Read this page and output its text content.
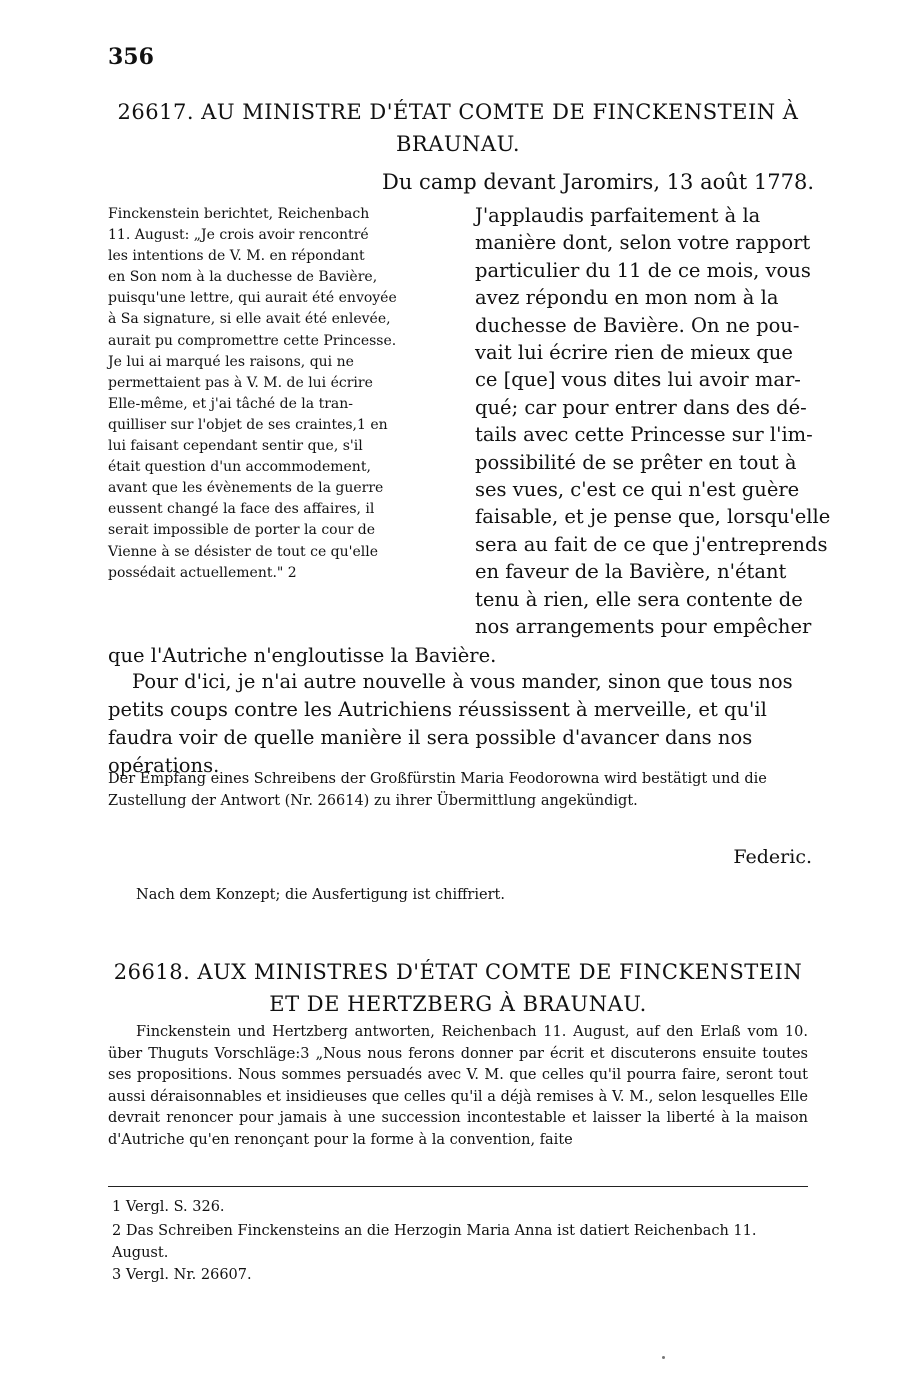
356
26617. AU MINISTRE D'ÉTAT COMTE DE FINCKENSTEIN À BRAUNAU.
Du camp devant Jaromirs, 13 août 1778.
Finckenstein berichtet, Reichenbach
11. August: „Je crois avoir rencontré
les intentions de V. M. en répondant
en Son nom à la duchesse de Bavière,
puisqu'une lettre, qui aurait été envoyée
à Sa signature, si elle avait été enlevée,
aurait pu compromettre cette Princesse.
Je lui ai marqué les raisons, qui ne
permettaient pas à V. M. de lui écrire
Elle-même, et j'ai tâché de la tran-
quilliser sur l'objet de ses craintes,1 en
lui faisant cependant sentir que, s'il
était question d'un accommodement,
avant que les évènements de la guerre
eussent changé la face des affaires, il
serait impossible de porter la cour de
Vienne à se désister de tout ce qu'elle
possédait actuellement." 2
J'applaudis parfaitement à la
manière dont, selon votre rapport
particulier du 11 de ce mois, vous
avez répondu en mon nom à la
duchesse de Bavière. On ne pou-
vait lui écrire rien de mieux que
ce [que] vous dites lui avoir mar-
qué; car pour entrer dans des dé-
tails avec cette Princesse sur l'im-
possibilité de se prêter en tout à
ses vues, c'est ce qui n'est guère
faisable, et je pense que, lorsqu'elle
sera au fait de ce que j'entreprends
en faveur de la Bavière, n'étant
tenu à rien, elle sera contente de
nos arrangements pour empêcher
que l'Autriche n'engloutisse la Bavière.
Pour d'ici, je n'ai autre nouvelle à vous mander, sinon que tous nos petits coups contre les Autrichiens réussissent à merveille, et qu'il faudra voir de quelle manière il sera possible d'avancer dans nos opérations.
Der Empfang eines Schreibens der Großfürstin Maria Feodorowna wird bestätigt und die Zustellung der Antwort (Nr. 26614) zu ihrer Übermittlung angekündigt.
Federic.
Nach dem Konzept; die Ausfertigung ist chiffriert.
26618. AUX MINISTRES D'ÉTAT COMTE DE FINCKENSTEIN ET DE HERTZBERG À BRAUNAU.
Finckenstein und Hertzberg antworten, Reichenbach 11. August, auf den Erlaß vom 10. über Thuguts Vorschläge:3 „Nous nous ferons donner par écrit et discuterons ensuite toutes ses propositions. Nous sommes persuadés avec V. M. que celles qu'il pourra faire, seront tout aussi déraisonnables et insidieuses que celles qu'il a déjà remises à V. M., selon lesquelles Elle devrait renoncer pour jamais à une succession incontestable et laisser la liberté à la maison d'Autriche qu'en renonçant pour la forme à la convention, faite
1 Vergl. S. 326.
2 Das Schreiben Finckensteins an die Herzogin Maria Anna ist datiert Reichenbach 11. August.
3 Vergl. Nr. 26607.
